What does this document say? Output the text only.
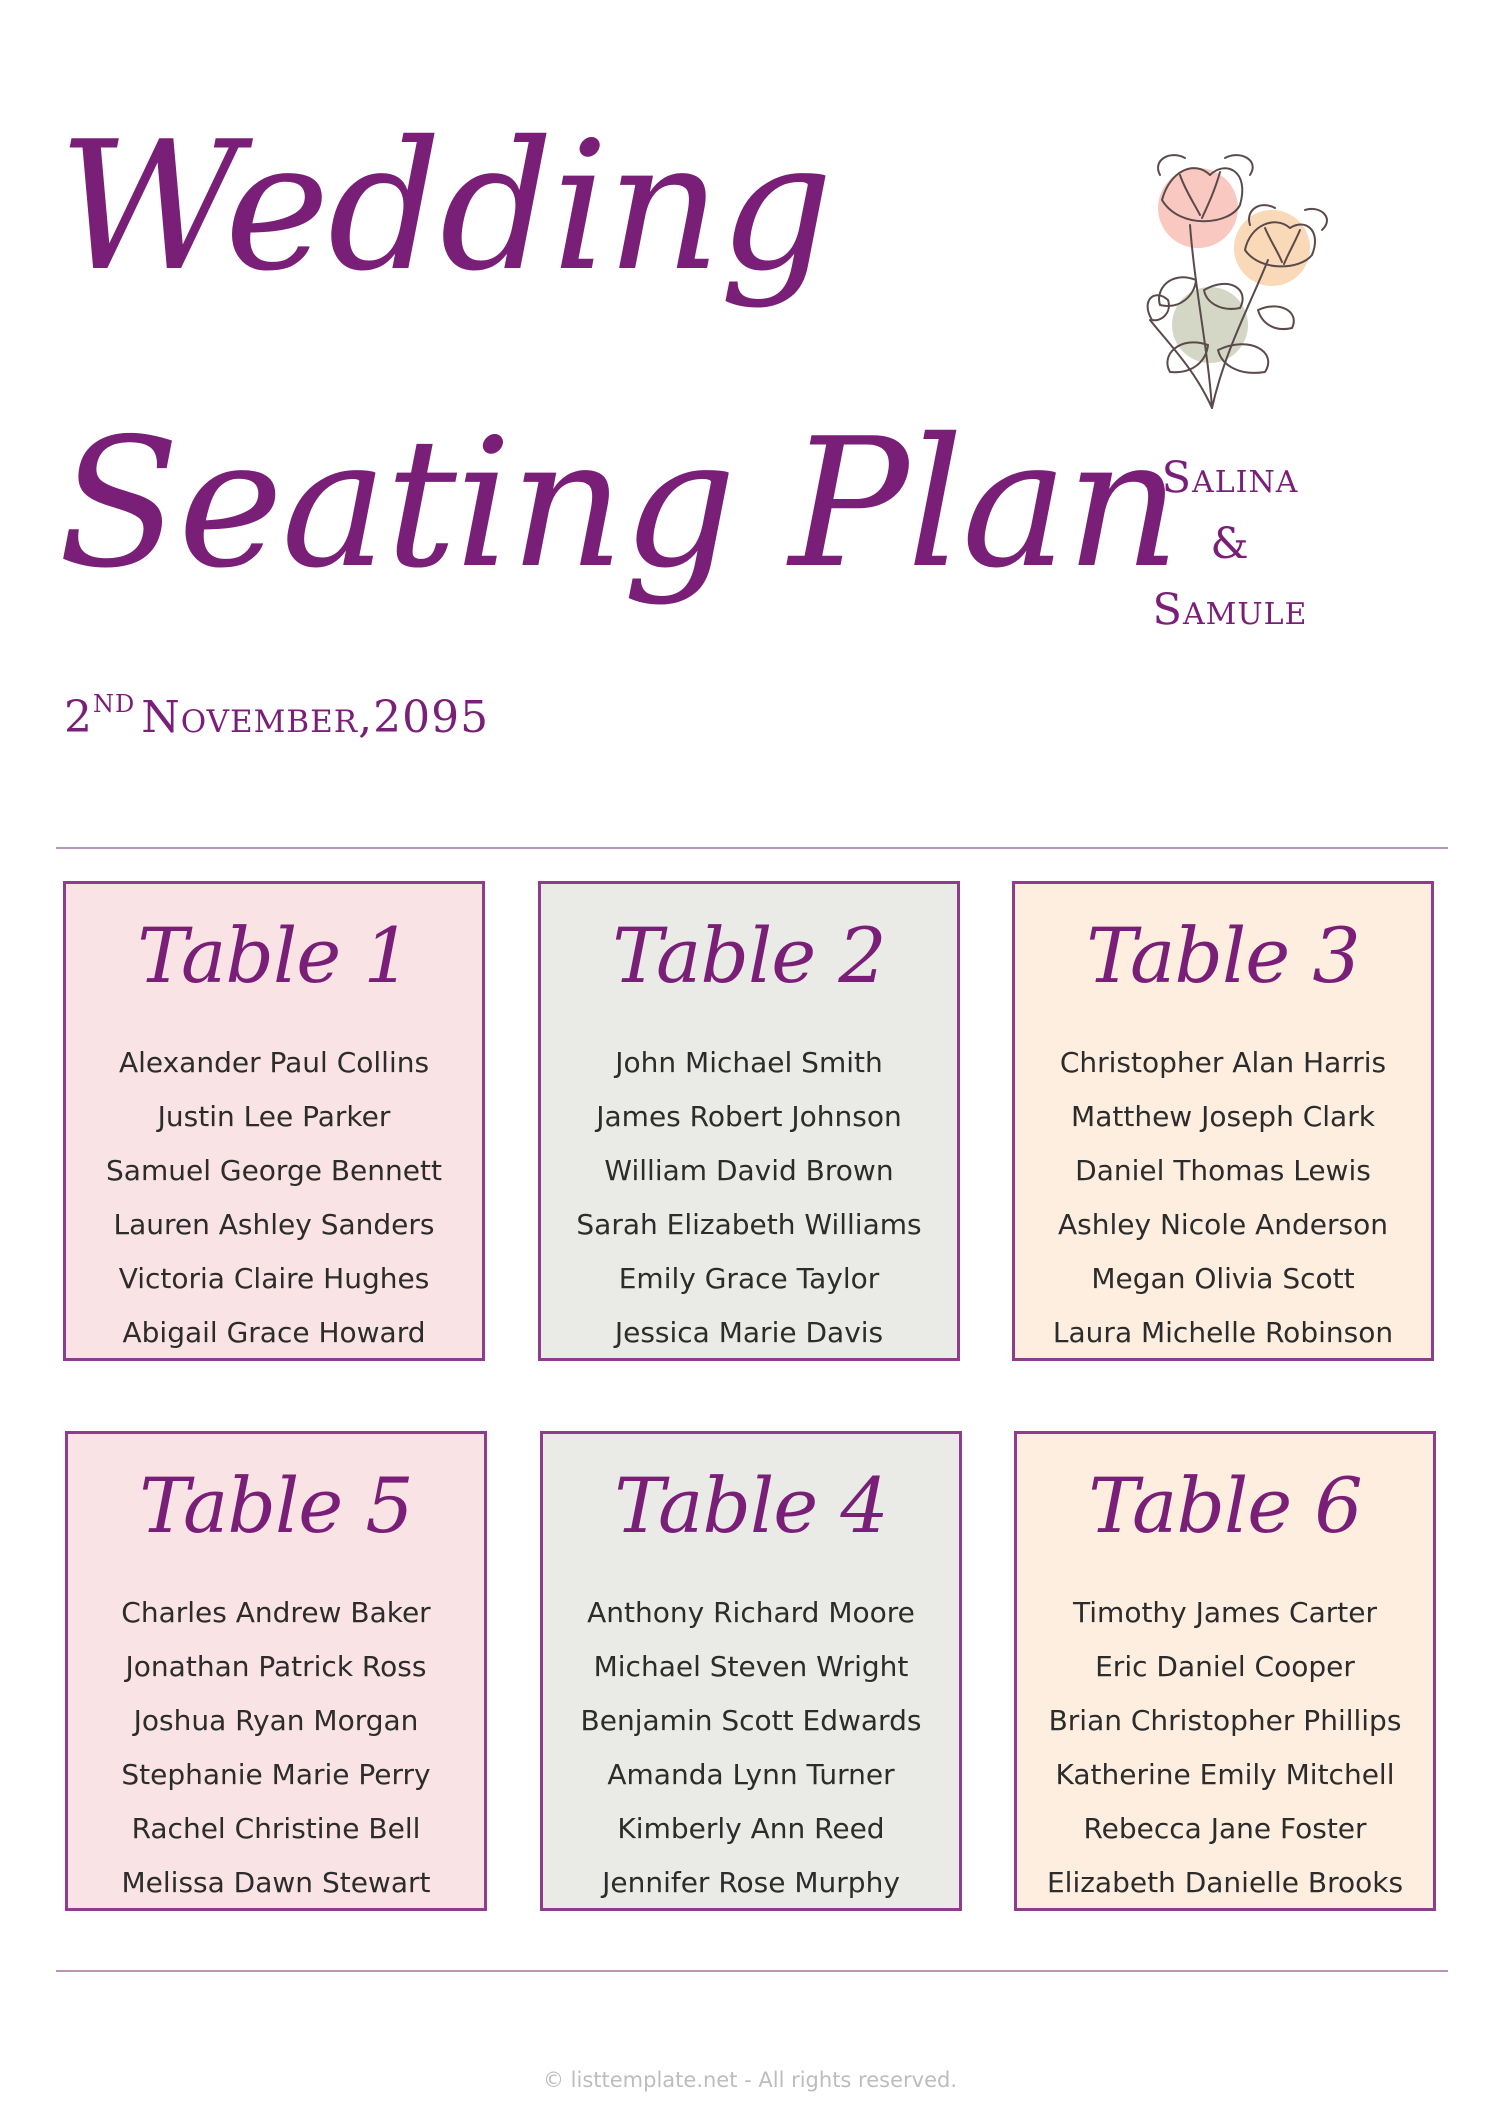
Wedding
Seating Plan
2ND November,2095
Salina
&
Samule
Table 1
Alexander Paul Collins
Justin Lee Parker
Samuel George Bennett
Lauren Ashley Sanders
Victoria Claire Hughes
Abigail Grace Howard
Table 2
John Michael Smith
James Robert Johnson
William David Brown
Sarah Elizabeth Williams
Emily Grace Taylor
Jessica Marie Davis
Table 3
Christopher Alan Harris
Matthew Joseph Clark
Daniel Thomas Lewis
Ashley Nicole Anderson
Megan Olivia Scott
Laura Michelle Robinson
Table 5
Charles Andrew Baker
Jonathan Patrick Ross
Joshua Ryan Morgan
Stephanie Marie Perry
Rachel Christine Bell
Melissa Dawn Stewart
Table 4
Anthony Richard Moore
Michael Steven Wright
Benjamin Scott Edwards
Amanda Lynn Turner
Kimberly Ann Reed
Jennifer Rose Murphy
Table 6
Timothy James Carter
Eric Daniel Cooper
Brian Christopher Phillips
Katherine Emily Mitchell
Rebecca Jane Foster
Elizabeth Danielle Brooks
© listtemplate.net - All rights reserved.
